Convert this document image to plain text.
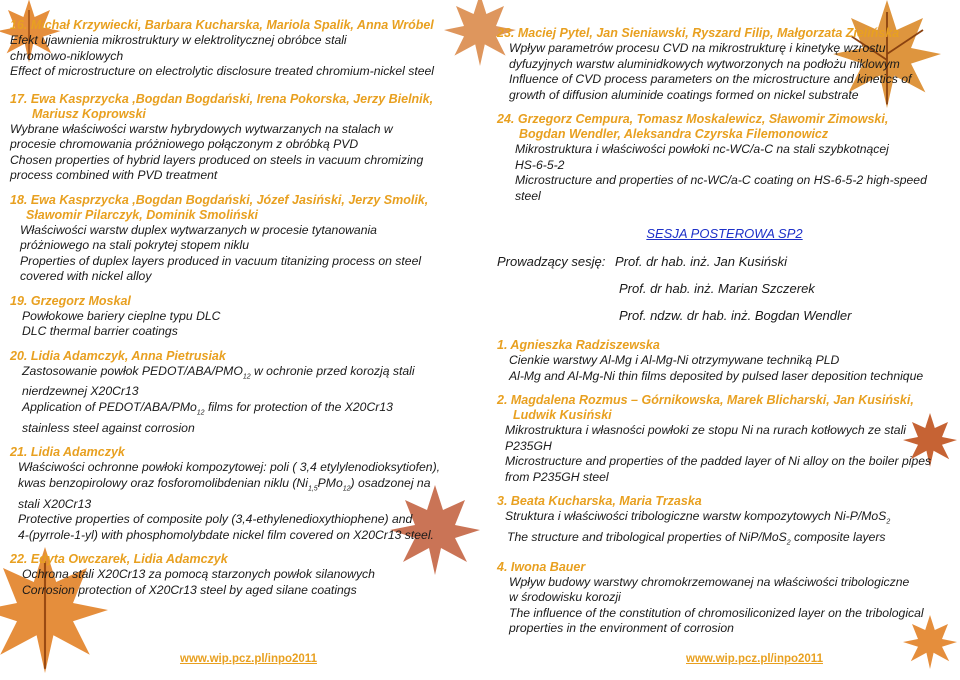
16. Michał Krzywiecki, Barbara Kucharska, Mariola Spalik, Anna Wróbel
Efekt ujawnienia mikrostruktury w elektrolitycznej obróbce stali
chromowo-niklowych
Effect of microstructure on electrolytic disclosure treated chromium-nickel steel
17. Ewa Kasprzycka ,Bogdan Bogdański, Irena Pokorska, Jerzy Bielnik,
Mariusz Koprowski
Wybrane właściwości warstw hybrydowych wytwarzanych na stalach w
procesie chromowania próżniowego połączonym z obróbką PVD
Chosen properties of hybrid layers produced on steels in vacuum chromizing
process combined with PVD treatment
18. Ewa Kasprzycka ,Bogdan Bogdański, Józef Jasiński, Jerzy Smolik,
Sławomir Pilarczyk, Dominik Smoliński
Właściwości warstw duplex wytwarzanych w procesie tytanowania
próżniowego na stali pokrytej stopem niklu
Properties of duplex layers produced in vacuum titanizing process on steel
covered with nickel alloy
19. Grzegorz Moskal
Powłokowe bariery cieplne typu DLC
DLC thermal barrier coatings
20. Lidia Adamczyk, Anna Pietrusiak
Zastosowanie powłok PEDOT/$ABA/PMO_{12}$ w ochronie przed korozją stali
nierdzewnej X20Cr13
Application of PEDOT/ABA/PMo$_{12}$ films for protection of the X20Cr13
stainless steel against corrosion
21. Lidia Adamczyk
Właściwości ochronne powłoki kompozytowej: poli ( 3,4 etylylenodioksytiofen),
kwas benzopirolowy oraz fosforomolibdenian niklu $(Ni_{1,5}PMo_{12})$ osadzonej na
stali X20Cr13
Protective properties of composite poly (3,4-ethylenedioxythiophene) and
4-(pyrrole-1-yl) with phosphomolybdate nickel film covered on X20Cr13 steel.
22. Edyta Owczarek, Lidia Adamczyk
Ochrona stali X20Cr13 za pomocą starzonych powłok silanowych
Corrosion protection of X20Cr13 steel by aged silane coatings
23. Maciej Pytel, Jan Sieniawski, Ryszard Filip, Małgorzata Zielińska
Wpływ parametrów procesu CVD na mikrostrukturę i kinetykę wzrostu
dyfuzyjnych warstw aluminidkowych wytworzonych na podłożu niklowym
Influence of CVD process parameters on the microstructure and kinetics of
growth of diffusion aluminide coatings formed on nickel substrate
24. Grzegorz Cempura, Tomasz Moskalewicz, Sławomir Zimowski,
Bogdan Wendler, Aleksandra Czyrska Filemonowicz
Mikrostruktura i właściwości powłoki nc-WC/a-C na stali szybkotnącej
HS-6-5-2
Microstructure and properties of nc-WC/a-C coating on HS-6-5-2 high-speed
steel
SESJA POSTEROWA SP2
Prowadzący sesję: Prof. dr hab. inż. Jan Kusiński
Prof. dr hab. inż. Marian Szczerek
Prof. ndzw. dr hab. inż. Bogdan Wendler
1. Agnieszka Radziszewska
Cienkie warstwy Al-Mg i Al-Mg-Ni otrzymywane techniką PLD
Al-Mg and Al-Mg-Ni thin films deposited by pulsed laser deposition technique
2. Magdalena Rozmus – Górnikowska, Marek Blicharski, Jan Kusiński,
Ludwik Kusiński
Mikrostruktura i własności powłoki ze stopu Ni na rurach kotłowych ze stali
P235GH
Microstructure and properties of the padded layer of Ni alloy on the boiler pipes
from P235GH steel
3. Beata Kucharska, Maria Trzaska
Struktura i właściwości tribologiczne warstw kompozytowych Ni-P/MoS$_2$
The structure and tribological properties of NiP/MoS$_2$ composite layers
4. Iwona Bauer
Wpływ budowy warstwy chromokrzemowanej na właściwości tribologiczne
w środowisku korozji
The influence of the constitution of chromosiliconized layer on the tribological
properties in the environment of corrosion
www.wip.pcz.pl/inpo2011	www.wip.pcz.pl/inpo2011
